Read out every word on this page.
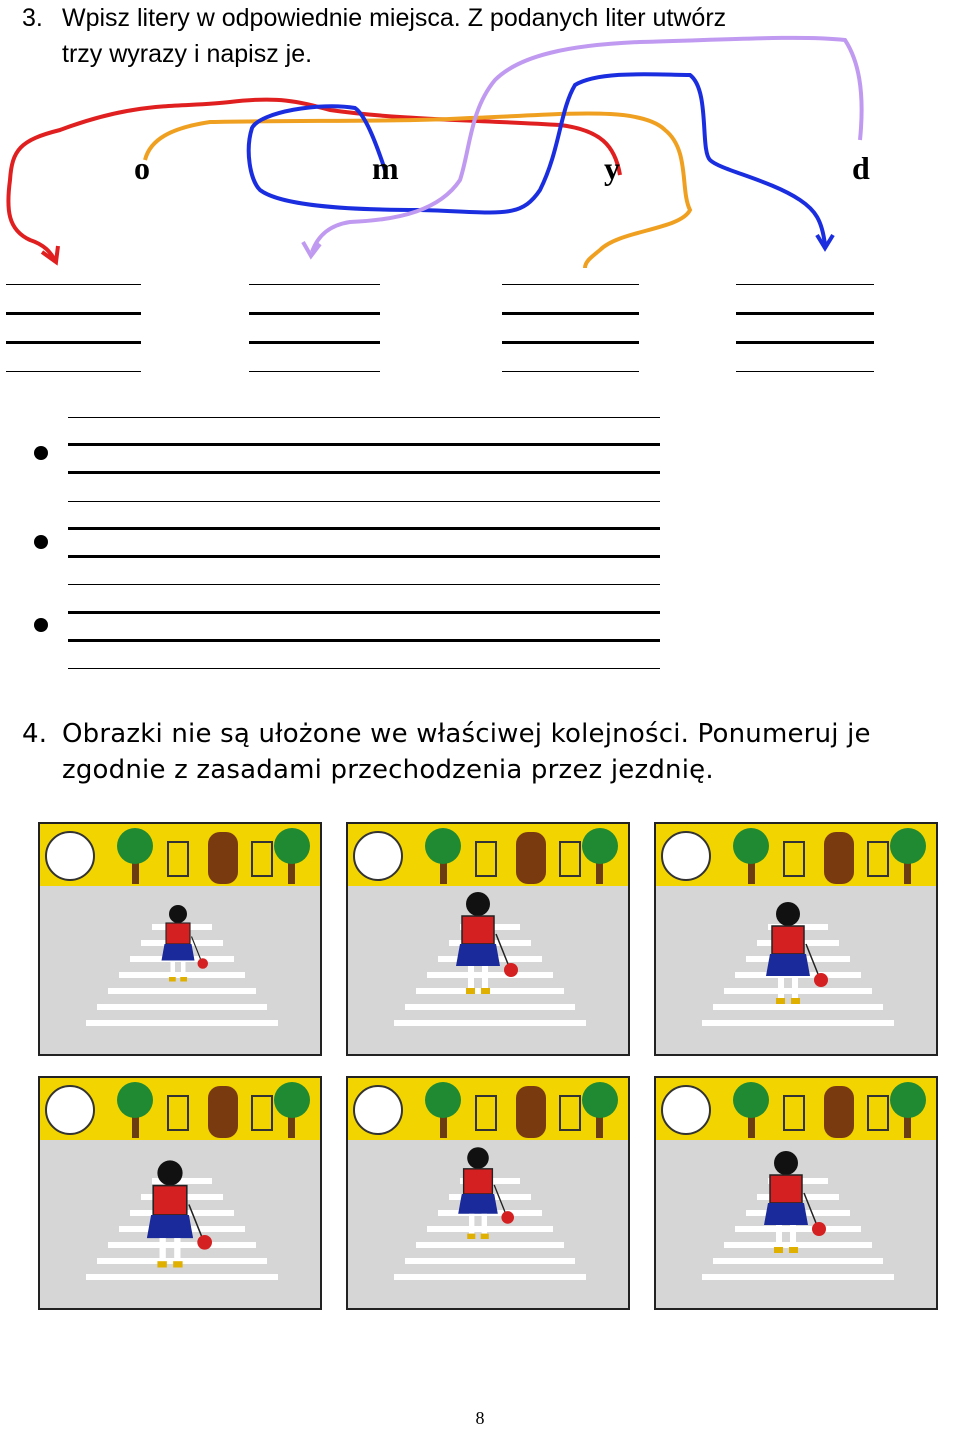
3. Wpisz litery w odpowiednie miejsca. Z podanych liter utwórz
trzy wyrazy i napisz je.
o	m	y	d
4. Obrazki nie są ułożone we właściwej kolejności. Ponumeruj je
zgodnie z zasadami przechodzenia przez jezdnię.
8
